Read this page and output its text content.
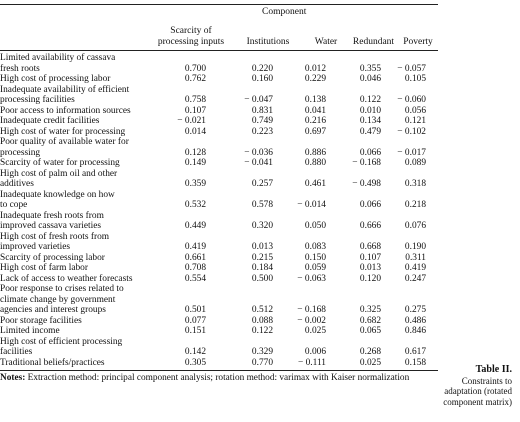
Component
Scarcity of
processing inputs	Institutions	Water	Redundant Poverty
Limited availability of cassava
fresh roots	0.700	0.220	0.012	0.355	− 0.057
High cost of processing labor	0.762	0.160	0.229	0.046	0.105
Inadequate availability of efficient
processing facilities	0.758	− 0.047	0.138	0.122	− 0.060
Poor access to information sources	0.107	0.831	0.041	0.010	0.056
Inadequate credit facilities	− 0.021	0.749	0.216	0.134	0.121
High cost of water for processing	0.014	0.223	0.697	0.479	− 0.102
Poor quality of available water for
processing	0.128	− 0.036	0.886	0.066	− 0.017
Scarcity of water for processing	0.149	− 0.041	0.880	− 0.168	0.089
High cost of palm oil and other
additives	0.359	0.257	0.461	− 0.498	0.318
Inadequate knowledge on how
to cope	0.532	0.578	− 0.014	0.066	0.218
Inadequate fresh roots from
improved cassava varieties	0.449	0.320	0.050	0.666	0.076
High cost of fresh roots from
improved varieties	0.419	0.013	0.083	0.668	0.190
Scarcity of processing labor	0.661	0.215	0.150	0.107	0.311
High cost of farm labor	0.708	0.184	0.059	0.013	0.419
Lack of access to weather forecasts	0.554	0.500	− 0.063	0.120	0.247
Poor response to crises related to
climate change by government
agencies and interest groups	0.501	0.512	− 0.168	0.325	0.275
Poor storage facilities	0.077	0.088	− 0.002	0.682	0.486
Limited income	0.151	0.122	0.025	0.065	0.846
High cost of efficient processing
facilities	0.142	0.329	0.006	0.268	0.617
Traditional beliefs/practices	0.305	0.770	− 0.111	0.025	0.158
Notes: Extraction method: principal component analysis; rotation method: varimax with Kaiser normalization
Table II.
Constraints to
adaptation (rotated
component matrix)
